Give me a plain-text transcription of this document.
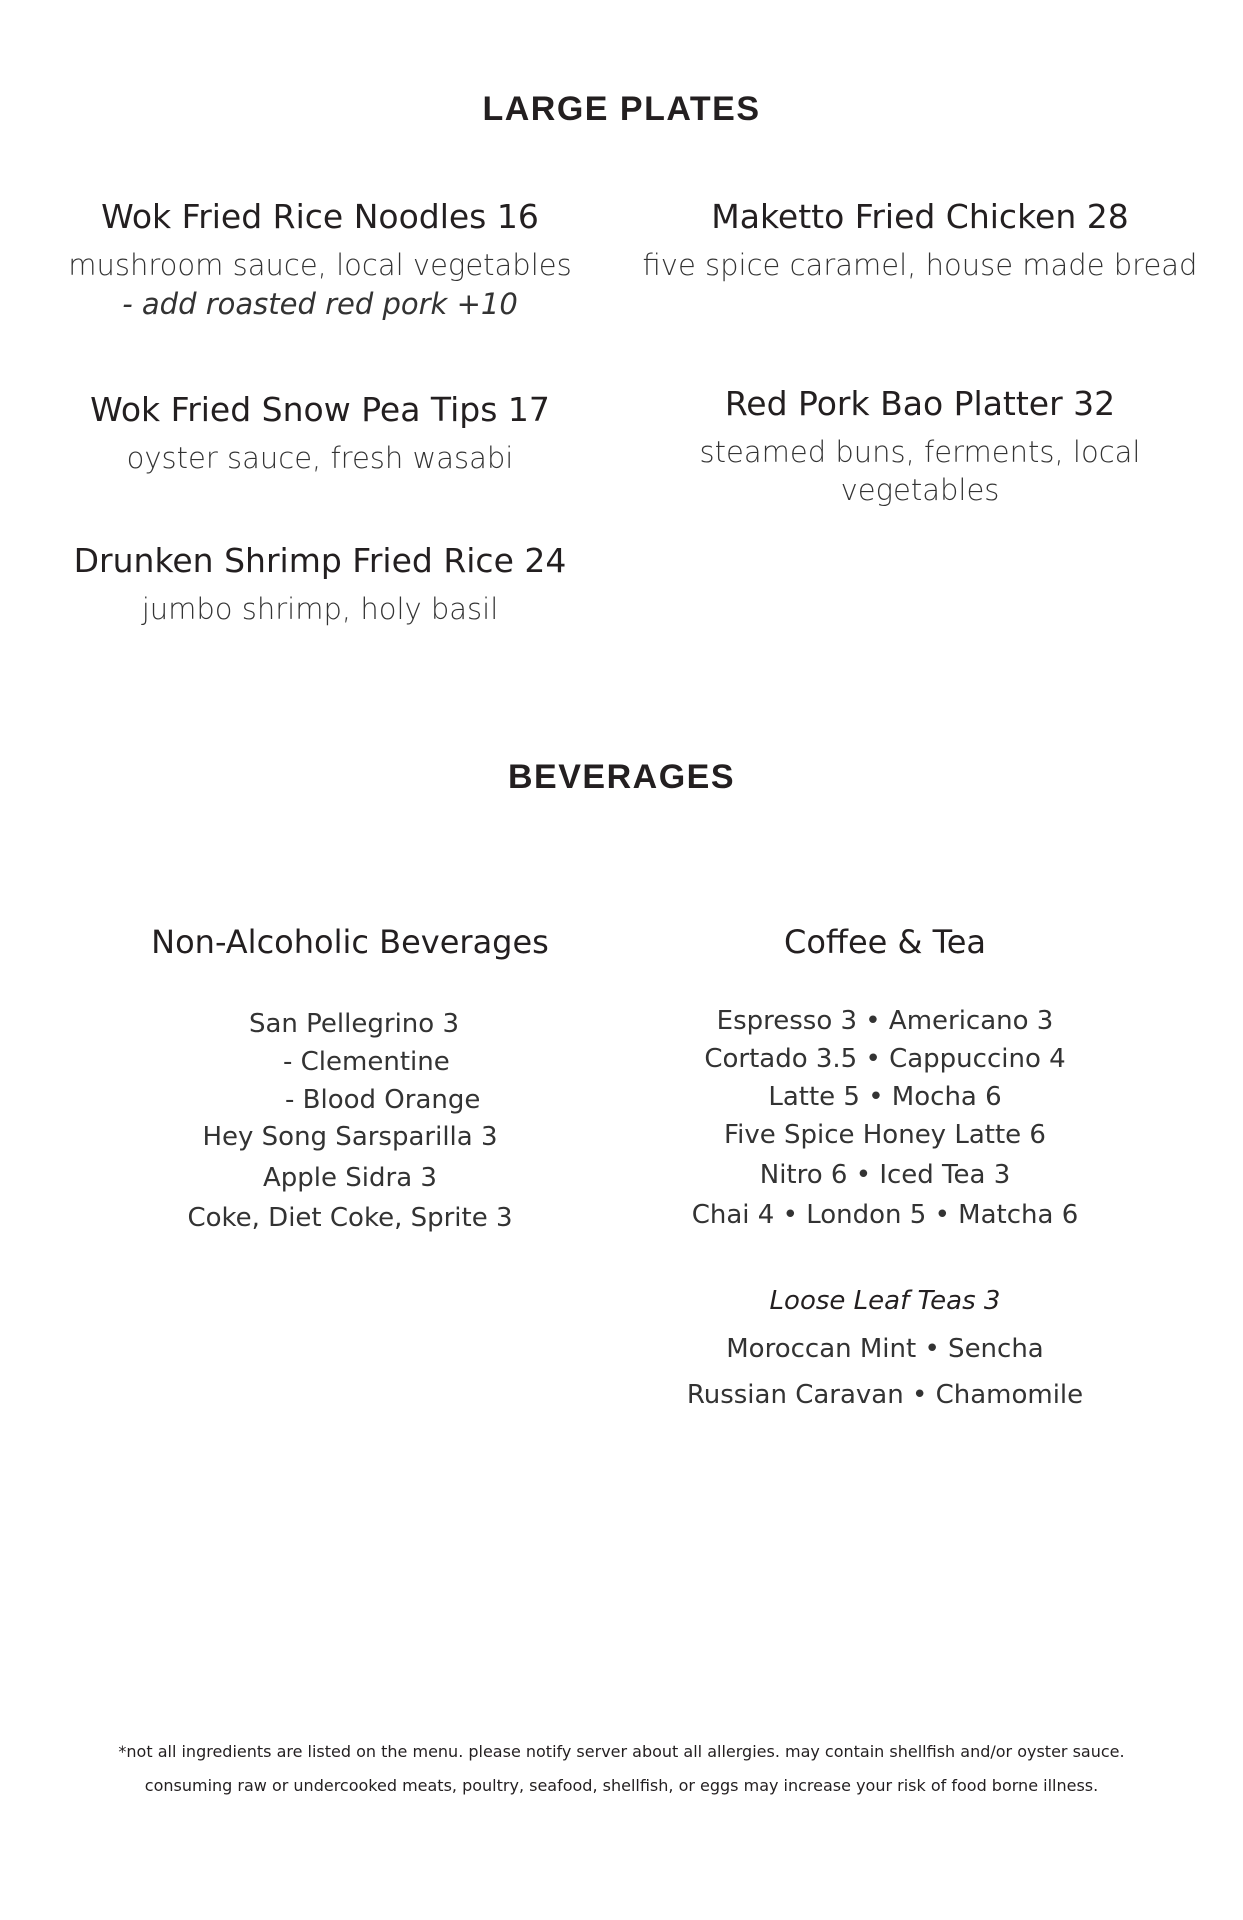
LARGE PLATES
Wok Fried Rice Noodles 16
mushroom sauce, local vegetables
- add roasted red pork +10
Wok Fried Snow Pea Tips 17
oyster sauce, fresh wasabi
Drunken Shrimp Fried Rice 24
jumbo shrimp, holy basil
Maketto Fried Chicken 28
five spice caramel, house made bread
Red Pork Bao Platter 32
steamed buns, ferments, local
vegetables
BEVERAGES
Non-Alcoholic Beverages
San Pellegrino 3
- Clementine
- Blood Orange
Hey Song Sarsparilla 3
Apple Sidra 3
Coke, Diet Coke, Sprite 3
Coffee & Tea
Espresso 3 • Americano 3
Cortado 3.5 • Cappuccino 4
Latte 5 • Mocha 6
Five Spice Honey Latte 6
Nitro 6 • Iced Tea 3
Chai 4 • London 5 • Matcha 6
Loose Leaf Teas 3
Moroccan Mint • Sencha
Russian Caravan • Chamomile
*not all ingredients are listed on the menu. please notify server about all allergies. may contain shellfish and/or oyster sauce.
consuming raw or undercooked meats, poultry, seafood, shellfish, or eggs may increase your risk of food borne illness.
